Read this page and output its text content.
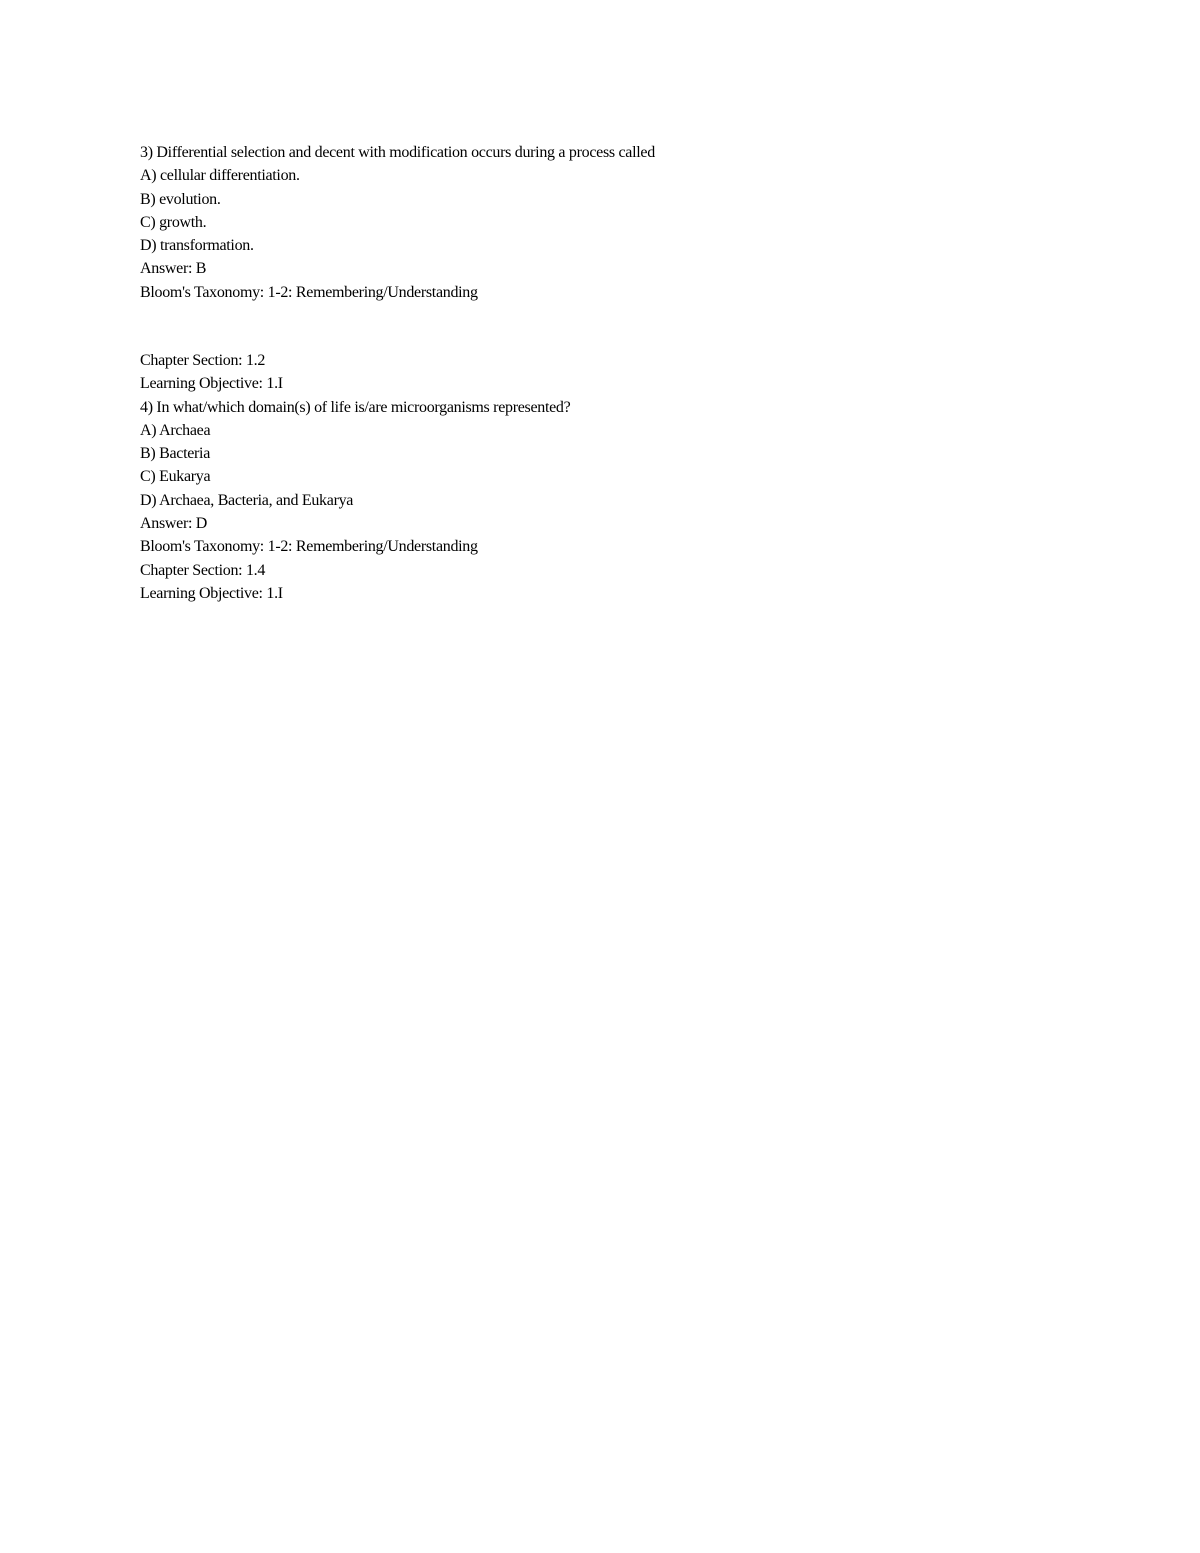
3) Differential selection and decent with modification occurs during a process called
A) cellular differentiation.
B) evolution.
C) growth.
D) transformation.
Answer: B
Bloom's Taxonomy: 1-2: Remembering/Understanding
Chapter Section: 1.2
Learning Objective: 1.I
4) In what/which domain(s) of life is/are microorganisms represented?
A) Archaea
B) Bacteria
C) Eukarya
D) Archaea, Bacteria, and Eukarya
Answer: D
Bloom's Taxonomy: 1-2: Remembering/Understanding
Chapter Section: 1.4
Learning Objective: 1.I
